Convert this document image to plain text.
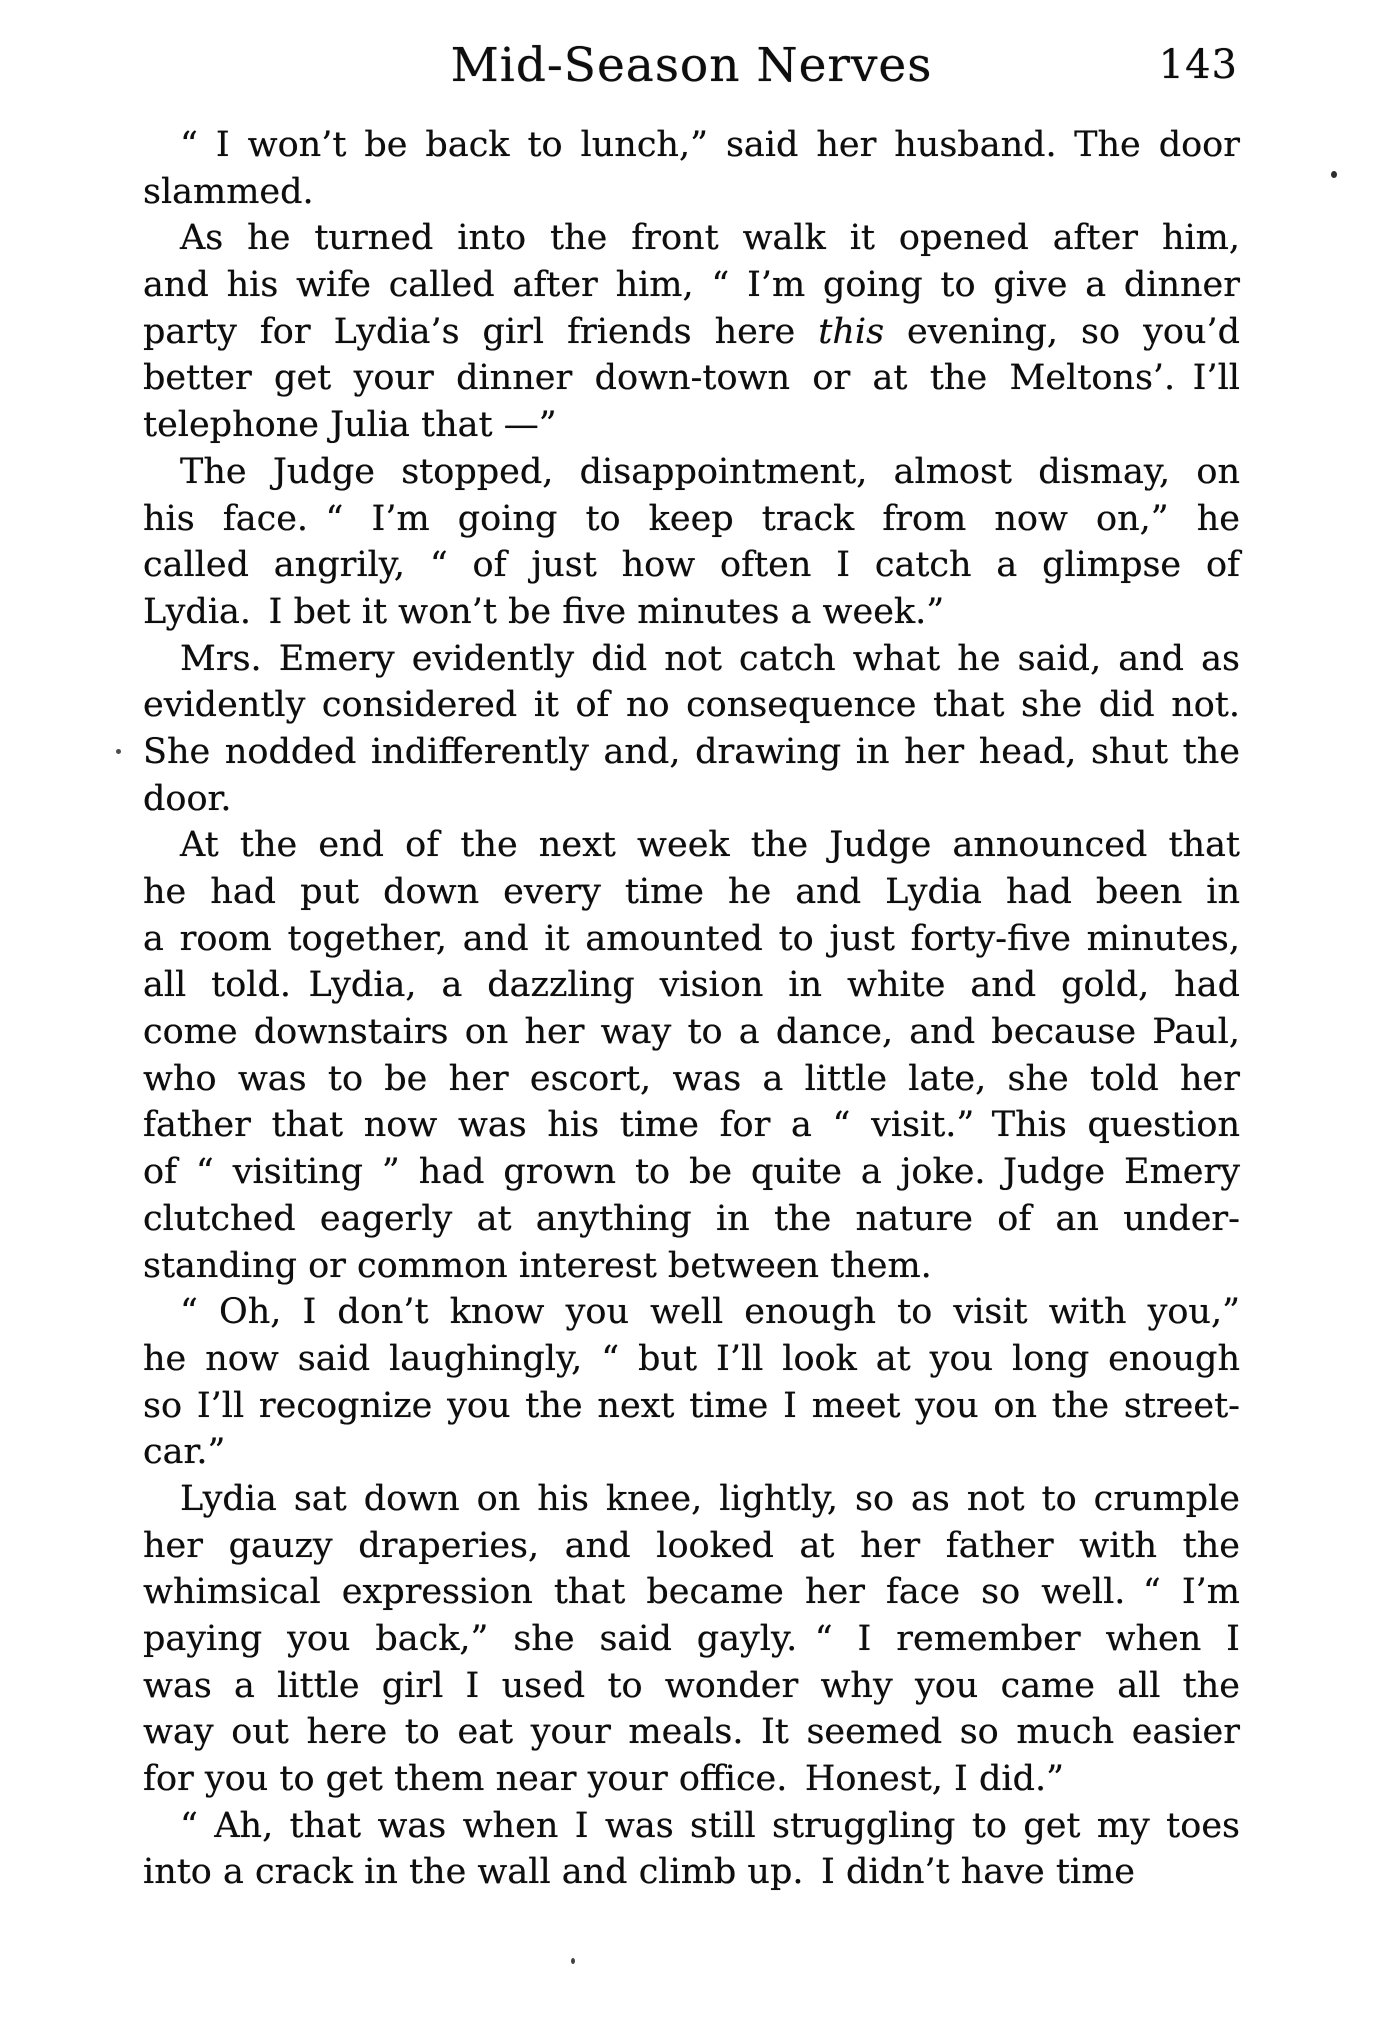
Mid-Season Nerves	143
“ I won’t be back to lunch,” said her husband. The door
slammed.
As he turned into the front walk it opened after him,
and his wife called after him, “ I’m going to give a dinner
party for Lydia’s girl friends here this evening, so you’d
better get your dinner down-town or at the Meltons’. I’ll
telephone Julia that —”
The Judge stopped, disappointment, almost dismay, on
his face. “ I’m going to keep track from now on,” he
called angrily, “ of just how often I catch a glimpse of
Lydia. I bet it won’t be five minutes a week.”
Mrs. Emery evidently did not catch what he said, and as
evidently considered it of no consequence that she did not.
She nodded indifferently and, drawing in her head, shut the
door.
At the end of the next week the Judge announced that
he had put down every time he and Lydia had been in
a room together, and it amounted to just forty-five minutes,
all told. Lydia, a dazzling vision in white and gold, had
come downstairs on her way to a dance, and because Paul,
who was to be her escort, was a little late, she told her
father that now was his time for a “ visit.” This question
of “ visiting ” had grown to be quite a joke. Judge Emery
clutched eagerly at anything in the nature of an under-
standing or common interest between them.
“ Oh, I don’t know you well enough to visit with you,”
he now said laughingly, “ but I’ll look at you long enough
so I’ll recognize you the next time I meet you on the street-
car.”
Lydia sat down on his knee, lightly, so as not to crumple
her gauzy draperies, and looked at her father with the
whimsical expression that became her face so well. “ I’m
paying you back,” she said gayly. “ I remember when I
was a little girl I used to wonder why you came all the
way out here to eat your meals. It seemed so much easier
for you to get them near your office. Honest, I did.”
“ Ah, that was when I was still struggling to get my toes
into a crack in the wall and climb up. I didn’t have time
